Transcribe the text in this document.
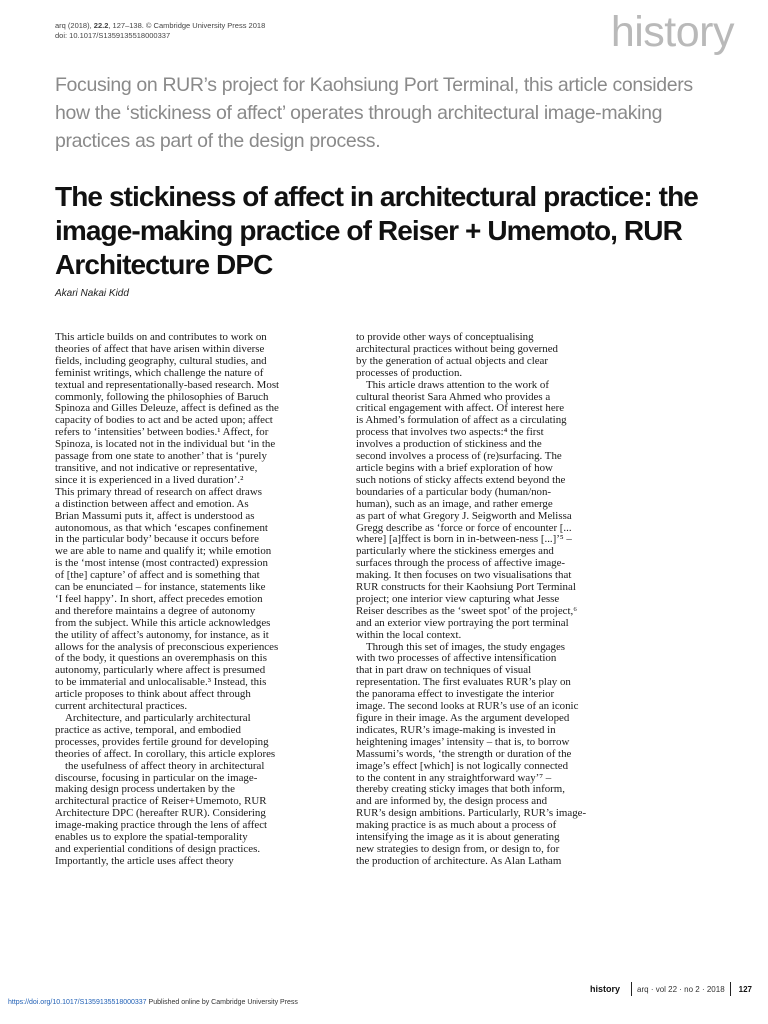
arq (2018), 22.2, 127–138. © Cambridge University Press 2018
doi: 10.1017/S1359135518000337	history
Focusing on RUR’s project for Kaohsiung Port Terminal, this article considers how the ‘stickiness of affect’ operates through architectural image-making practices as part of the design process.
The stickiness of affect in architectural practice: the image-making practice of Reiser + Umemoto, RUR Architecture DPC
Akari Nakai Kidd
This article builds on and contributes to work on
theories of affect that have arisen within diverse
fields, including geography, cultural studies, and
feminist writings, which challenge the nature of
textual and representationally-based research. Most
commonly, following the philosophies of Baruch
Spinoza and Gilles Deleuze, affect is defined as the
capacity of bodies to act and be acted upon; affect
refers to ‘intensities’ between bodies.¹ Affect, for
Spinoza, is located not in the individual but ‘in the
passage from one state to another’ that is ‘purely
transitive, and not indicative or representative,
since it is experienced in a lived duration’.²
This primary thread of research on affect draws
a distinction between affect and emotion. As
Brian Massumi puts it, affect is understood as
autonomous, as that which ‘escapes confinement
in the particular body’ because it occurs before
we are able to name and qualify it; while emotion
is the ‘most intense (most contracted) expression
of [the] capture’ of affect and is something that
can be enunciated – for instance, statements like
‘I feel happy’. In short, affect precedes emotion
and therefore maintains a degree of autonomy
from the subject. While this article acknowledges
the utility of affect’s autonomy, for instance, as it
allows for the analysis of preconscious experiences
of the body, it questions an overemphasis on this
autonomy, particularly where affect is presumed
to be immaterial and unlocalisable.³ Instead, this
article proposes to think about affect through
current architectural practices.
Architecture, and particularly architectural
practice as active, temporal, and embodied
processes, provides fertile ground for developing
theories of affect. In corollary, this article explores
the usefulness of affect theory in architectural
discourse, focusing in particular on the image-
making design process undertaken by the
architectural practice of Reiser+Umemoto, RUR
Architecture DPC (hereafter RUR). Considering
image-making practice through the lens of affect
enables us to explore the spatial-temporality
and experiential conditions of design practices.
Importantly, the article uses affect theory
to provide other ways of conceptualising
architectural practices without being governed
by the generation of actual objects and clear
processes of production.
This article draws attention to the work of
cultural theorist Sara Ahmed who provides a
critical engagement with affect. Of interest here
is Ahmed’s formulation of affect as a circulating
process that involves two aspects:⁴ the first
involves a production of stickiness and the
second involves a process of (re)surfacing. The
article begins with a brief exploration of how
such notions of sticky affects extend beyond the
boundaries of a particular body (human/non-
human), such as an image, and rather emerge
as part of what Gregory J. Seigworth and Melissa
Gregg describe as ‘force or force of encounter [...
where] [a]ffect is born in in-between-ness [...]’⁵ –
particularly where the stickiness emerges and
surfaces through the process of affective image-
making. It then focuses on two visualisations that
RUR constructs for their Kaohsiung Port Terminal
project; one interior view capturing what Jesse
Reiser describes as the ‘sweet spot’ of the project,⁶
and an exterior view portraying the port terminal
within the local context.
Through this set of images, the study engages
with two processes of affective intensification
that in part draw on techniques of visual
representation. The first evaluates RUR’s play on
the panorama effect to investigate the interior
image. The second looks at RUR’s use of an iconic
figure in their image. As the argument developed
indicates, RUR’s image-making is invested in
heightening images’ intensity – that is, to borrow
Massumi’s words, ‘the strength or duration of the
image’s effect [which] is not logically connected
to the content in any straightforward way’⁷ –
thereby creating sticky images that both inform,
and are informed by, the design process and
RUR’s design ambitions. Particularly, RUR’s image-
making practice is as much about a process of
intensifying the image as it is about generating
new strategies to design from, or design to, for
the production of architecture. As Alan Latham
history	arq · vol 22 · no 2 · 2018	127
https://doi.org/10.1017/S1359135518000337 Published online by Cambridge University Press
